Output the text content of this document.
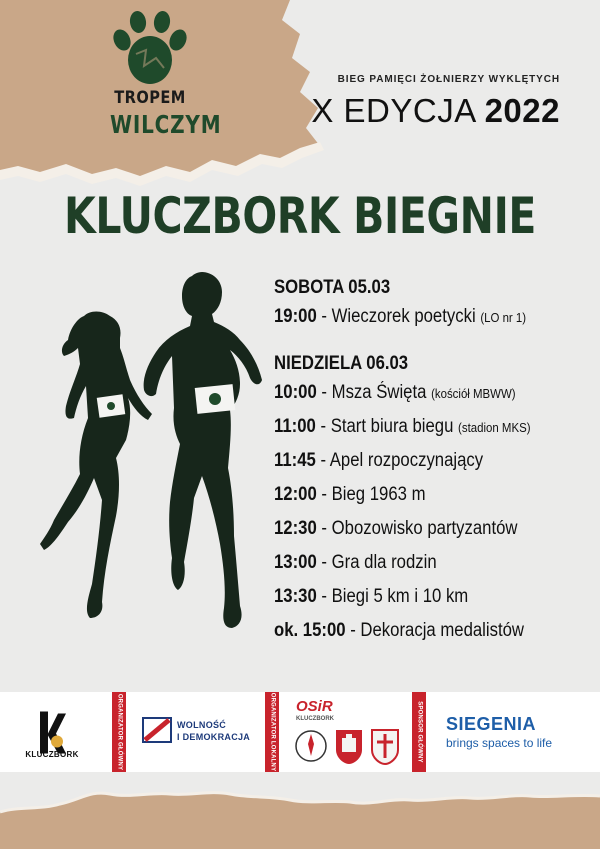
TROPEM
WILCZYM
BIEG PAMIĘCI ŻOŁNIERZY WYKLĘTYCH
X EDYCJA 2022
KLUCZBORK BIEGNIE
SOBOTA 05.03
19:00 - Wieczorek poetycki (LO nr 1)
NIEDZIELA 06.03
10:00 - Msza Święta (kościół MBWW)
11:00 - Start biura biegu (stadion MKS)
11:45 - Apel rozpoczynający
12:00 - Bieg 1963 m
12:30 - Obozowisko partyzantów
13:00 - Gra dla rodzin
13:30 - Biegi 5 km i 10 km
ok. 15:00 - Dekoracja medalistów
KLUCZBORK	ORGANIZATOR GŁÓWNY	WOLNOŚĆ
I DEMOKRACJA	ORGANIZATOR LOKALNY OSiR
KLUCZBORK	SPONSOR GŁÓWNY SIEGENIA
brings spaces to life
